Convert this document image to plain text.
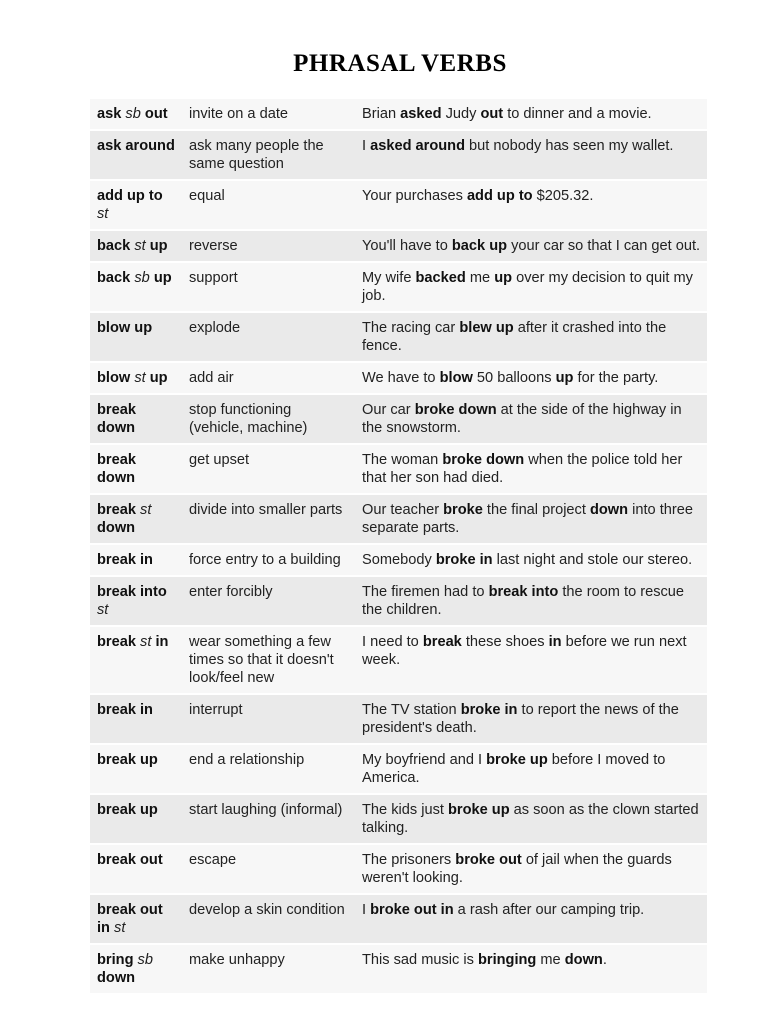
PHRASAL VERBS
ask sb out	invite on a date	Brian asked Judy out to dinner and a movie.
ask around	ask many people the same question	I asked around but nobody has seen my wallet.
add up to st	equal	Your purchases add up to $205.32.
back st up	reverse	You'll have to back up your car so that I can get out.
back sb up	support	My wife backed me up over my decision to quit my job.
blow up	explode	The racing car blew up after it crashed into the fence.
blow st up	add air	We have to blow 50 balloons up for the party.
break down	stop functioning (vehicle, machine)	Our car broke down at the side of the highway in the snowstorm.
break down	get upset	The woman broke down when the police told her that her son had died.
break st down	divide into smaller parts	Our teacher broke the final project down into three separate parts.
break in	force entry to a building	Somebody broke in last night and stole our stereo.
break into st	enter forcibly	The firemen had to break into the room to rescue the children.
break st in	wear something a few times so that it doesn't look/feel new	I need to break these shoes in before we run next week.
break in	interrupt	The TV station broke in to report the news of the president's death.
break up	end a relationship	My boyfriend and I broke up before I moved to America.
break up	start laughing (informal)	The kids just broke up as soon as the clown started talking.
break out	escape	The prisoners broke out of jail when the guards weren't looking.
break out in st	develop a skin condition	I broke out in a rash after our camping trip.
bring sb down	make unhappy	This sad music is bringing me down.
